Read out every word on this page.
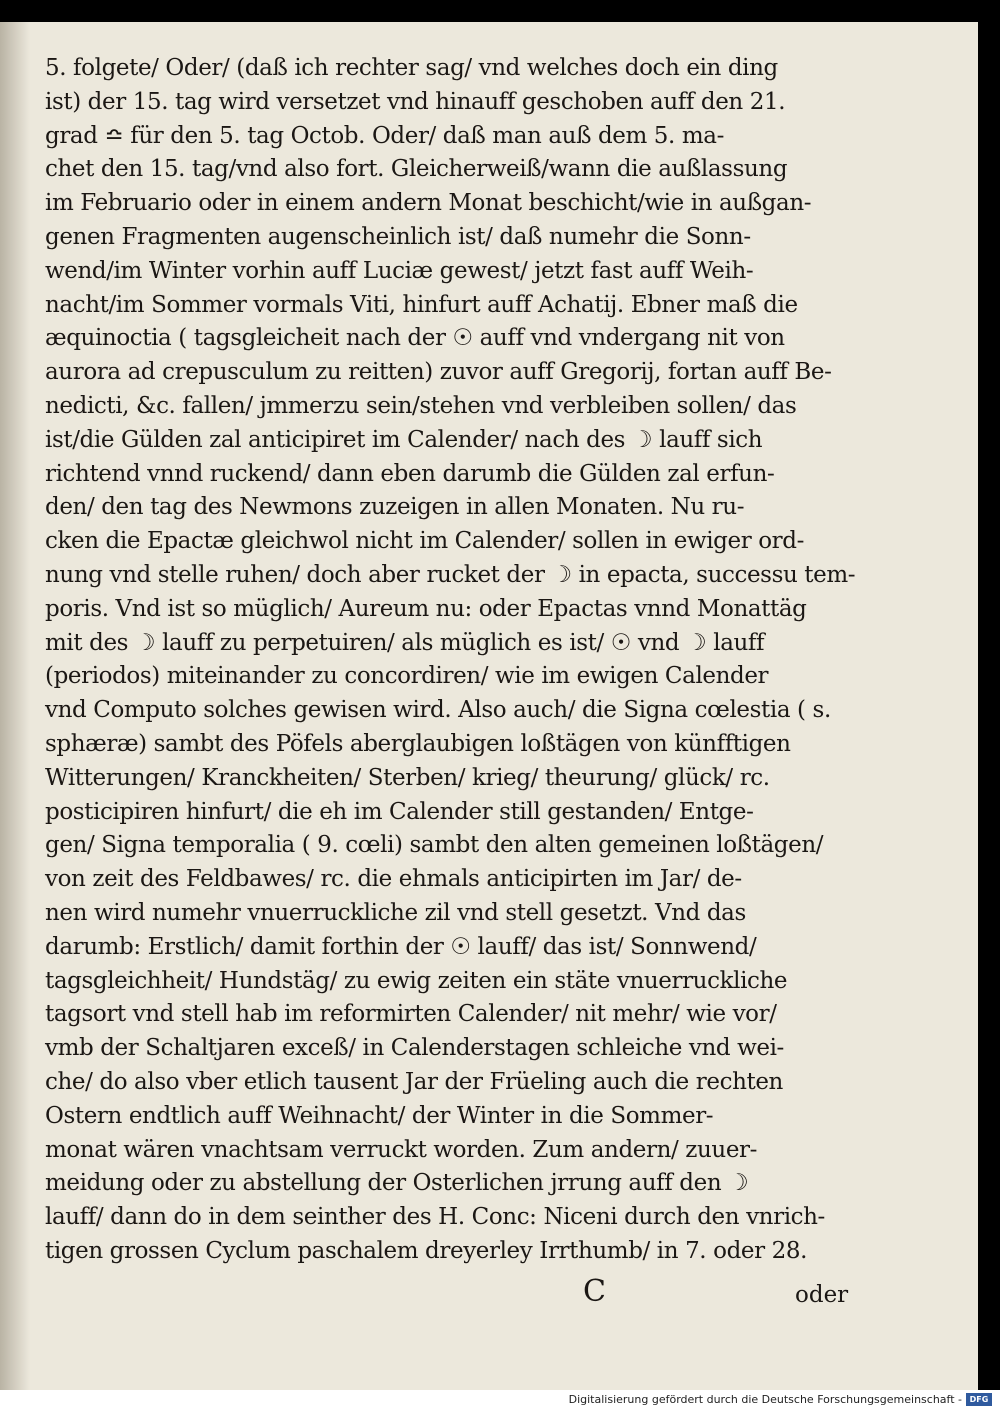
5. folgete/ Oder/ (daß ich rechter sag/ vnd welches doch ein ding
ist) der 15. tag wird versetzet vnd hinauff geschoben auff den 21.
grad ≏ für den 5. tag Octob. Oder/ daß man auß dem 5. ma-
chet den 15. tag/vnd also fort. Gleicherweiß/wann die außlassung
im Februario oder in einem andern Monat beschicht/wie in außgan-
genen Fragmenten augenscheinlich ist/ daß numehr die Sonn-
wend/im Winter vorhin auff Luciæ gewest/ jetzt fast auff Weih-
nacht/im Sommer vormals Viti, hinfurt auff Achatij. Ebner maß die
æquinoctia ( tagsgleicheit nach der ☉ auff vnd vndergang nit von
aurora ad crepusculum zu reitten) zuvor auff Gregorij, fortan auff Be-
nedicti, &c. fallen/ jmmerzu sein/stehen vnd verbleiben sollen/ das
ist/die Gülden zal anticipiret im Calender/ nach des ☽ lauff sich
richtend vnnd ruckend/ dann eben darumb die Gülden zal erfun-
den/ den tag des Newmons zuzeigen in allen Monaten. Nu ru-
cken die Epactæ gleichwol nicht im Calender/ sollen in ewiger ord-
nung vnd stelle ruhen/ doch aber rucket der ☽ in epacta, successu tem-
poris. Vnd ist so müglich/ Aureum nu: oder Epactas vnnd Monattäg
mit des ☽ lauff zu perpetuiren/ als müglich es ist/ ☉ vnd ☽ lauff
(periodos) miteinander zu concordiren/ wie im ewigen Calender
vnd Computo solches gewisen wird. Also auch/ die Signa cœlestia ( s.
sphæræ) sambt des Pöfels aberglaubigen loßtägen von künfftigen
Witterungen/ Kranckheiten/ Sterben/ krieg/ theurung/ glück/ rc.
posticipiren hinfurt/ die eh im Calender still gestanden/ Entge-
gen/ Signa temporalia ( 9. cœli) sambt den alten gemeinen loßtägen/
von zeit des Feldbawes/ rc. die ehmals anticipirten im Jar/ de-
nen wird numehr vnuerruckliche zil vnd stell gesetzt. Vnd das
darumb: Erstlich/ damit forthin der ☉ lauff/ das ist/ Sonnwend/
tagsgleichheit/ Hundstäg/ zu ewig zeiten ein stäte vnuerruckliche
tagsort vnd stell hab im reformirten Calender/ nit mehr/ wie vor/
vmb der Schaltjaren exceß/ in Calenderstagen schleiche vnd wei-
che/ do also vber etlich tausent Jar der Früeling auch die rechten
Ostern endtlich auff Weihnacht/ der Winter in die Sommer-
monat wären vnachtsam verruckt worden. Zum andern/ zuuer-
meidung oder zu abstellung der Osterlichen jrrung auff den ☽
lauff/ dann do in dem seinther des H. Conc: Niceni durch den vnrich-
tigen grossen Cyclum paschalem dreyerley Irrthumb/ in 7. oder 28.
C	oder
Digitalisierung gefördert durch die Deutsche Forschungsgemeinschaft - DFG
